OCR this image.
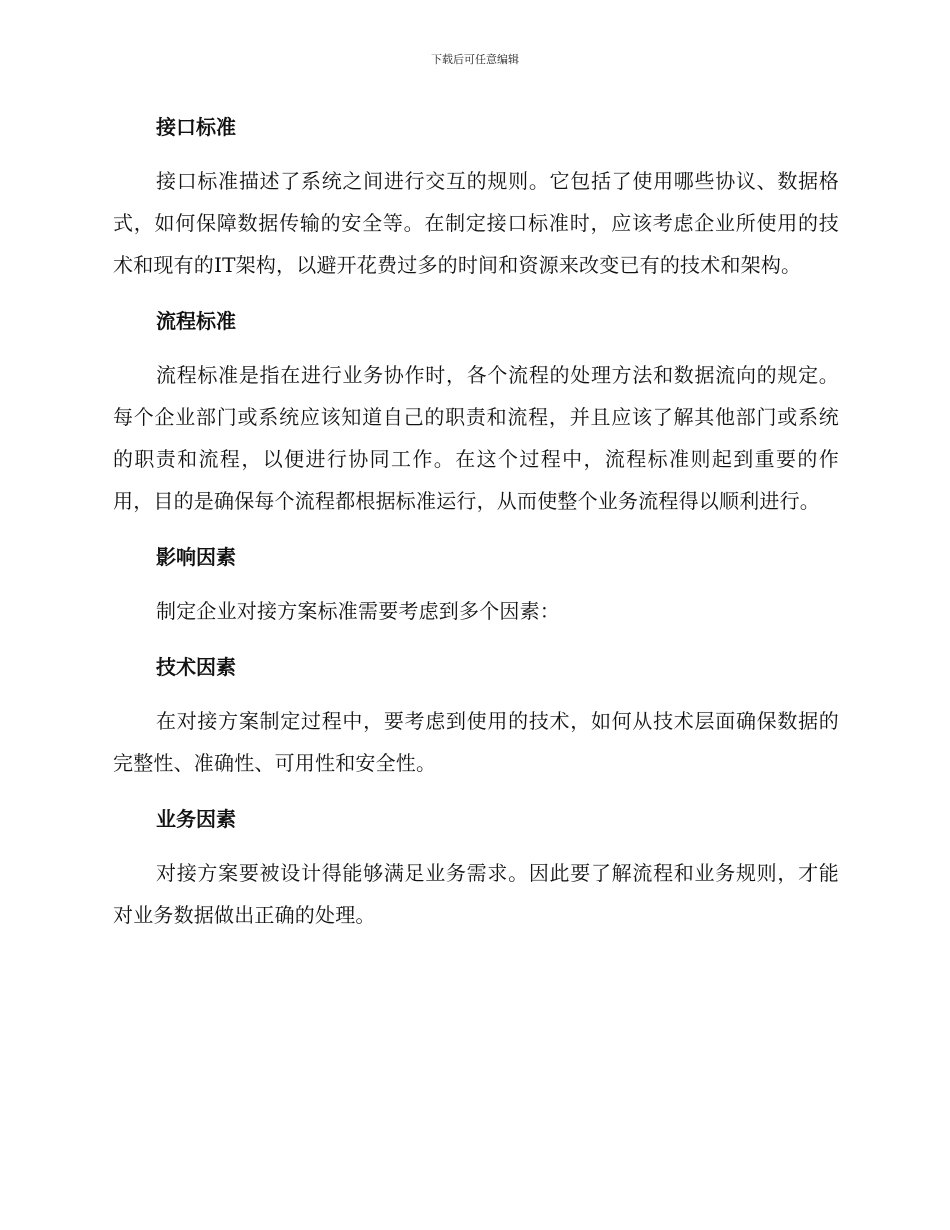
下载后可任意编辑
接口标准

接口标准描述了系统之间进行交互的规则。它包括了使用哪些协议、数据格式，如何保障数据传输的安全等。在制定接口标准时，应该考虑企业所使用的技术和现有的IT架构，以避开花费过多的时间和资源来改变已有的技术和架构。

流程标准

流程标准是指在进行业务协作时，各个流程的处理方法和数据流向的规定。每个企业部门或系统应该知道自己的职责和流程，并且应该了解其他部门或系统的职责和流程，以便进行协同工作。在这个过程中，流程标准则起到重要的作用，目的是确保每个流程都根据标准运行，从而使整个业务流程得以顺利进行。

影响因素

制定企业对接方案标准需要考虑到多个因素：

技术因素

在对接方案制定过程中，要考虑到使用的技术，如何从技术层面确保数据的完整性、准确性、可用性和安全性。

业务因素

对接方案要被设计得能够满足业务需求。因此要了解流程和业务规则，才能对业务数据做出正确的处理。
